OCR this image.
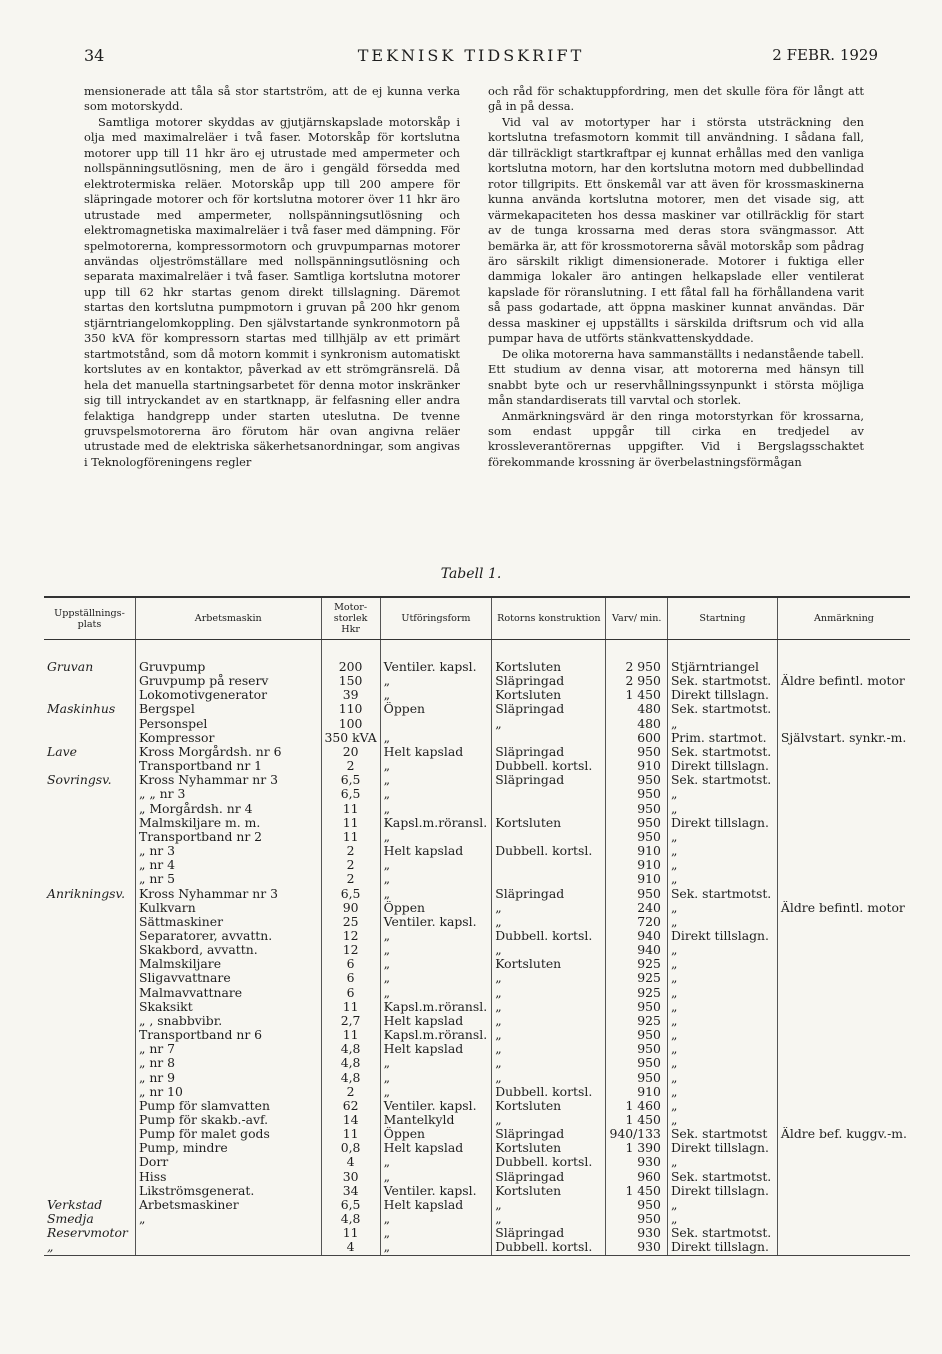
34	TEKNISK TIDSKRIFT	2 FEBR. 1929

mensionerade att tåla så stor startström, att de ej kunna verka som motorskydd.

Samtliga motorer skyddas av gjutjärnskapslade motorskåp i olja med maximalreläer i två faser. Motorskåp för kortslutna motorer upp till 11 hkr äro ej utrustade med ampermeter och nollspänningsutlösning, men de äro i gengäld försedda med elektrotermiska reläer. Motorskåp upp till 200 ampere för släpringade motorer och för kortslutna motorer över 11 hkr äro utrustade med ampermeter, nollspänningsutlösning och elektromagnetiska maximalreläer i två faser med dämpning. För spelmotorerna, kompressormotorn och gruvpumparnas motorer användas oljeströmställare med nollspänningsutlösning och separata maximalreläer i två faser. Samtliga kortslutna motorer upp till 62 hkr startas genom direkt tillslagning. Däremot startas den kortslutna pumpmotorn i gruvan på 200 hkr genom stjärntriangelomkoppling. Den självstartande synkronmotorn på 350 kVA för kompressorn startas med tillhjälp av ett primärt startmotstånd, som då motorn kommit i synkronism automatiskt kortslutes av en kontaktor, påverkad av ett strömgränsrelä. Då hela det manuella startningsarbetet för denna motor inskränker sig till intryckandet av en startknapp, är felfasning eller andra felaktiga handgrepp under starten uteslutna. De tvenne gruvspelsmotorerna äro förutom här ovan angivna reläer utrustade med de elektriska säkerhetsanordningar, som angivas i Teknologföreningens regler

och råd för schaktuppfordring, men det skulle föra för långt att gå in på dessa.

Vid val av motortyper har i största utsträckning den kortslutna trefasmotorn kommit till användning. I sådana fall, där tillräckligt startkraftpar ej kunnat erhållas med den vanliga kortslutna motorn, har den kortslutna motorn med dubbellindad rotor tillgripits. Ett önskemål var att även för krossmaskinerna kunna använda kortslutna motorer, men det visade sig, att värmekapaciteten hos dessa maskiner var otillräcklig för start av de tunga krossarna med deras stora svängmassor. Att bemärka är, att för krossmotorerna såväl motorskåp som pådrag äro särskilt rikligt dimensionerade. Motorer i fuktiga eller dammiga lokaler äro antingen helkapslade eller ventilerat kapslade för röranslutning. I ett fåtal fall ha förhållandena varit så pass godartade, att öppna maskiner kunnat användas. Där dessa maskiner ej uppställts i särskilda driftsrum och vid alla pumpar hava de utförts stänkvattenskyddade.

De olika motorerna hava sammanställts i nedanstående tabell. Ett studium av denna visar, att motorerna med hänsyn till snabbt byte och ur reservhållningssynpunkt i största möjliga mån standardiserats till varvtal och storlek.

Anmärkningsvärd är den ringa motorstyrkan för krossarna, som endast uppgår till cirka en tredjedel av krossleverantörernas uppgifter. Vid i Bergslagsschaktet förekommande krossning är överbelastningsförmågan

Tabell 1.
Uppställnings-plats	Arbetsmaskin	Motor-storlek Hkr	Utföringsform	Rotorns konstruktion	Varv/ min.	Startning	Anmärkning

Gruvan	Gruvpump	200	Ventiler. kapsl.	Kortsluten	2 950	Stjärntriangel	
	Gruvpump på reserv	150	„	Släpringad	2 950	Sek. startmotst.	Äldre befintl. motor
	Lokomotivgenerator	39	„	Kortsluten	1 450	Direkt tillslagn.	
Maskinhus	Bergspel	110	Öppen	Släpringad	480	Sek. startmotst.	
	Personspel	100		„	480	„	
	Kompressor	350 kVA	„		600	Prim. startmot.	Självstart. synkr.-m.
Lave	Kross Morgårdsh. nr 6	20	Helt kapslad	Släpringad	950	Sek. startmotst.	
	Transportband nr 1	2	„	Dubbell. kortsl.	910	Direkt tillslagn.	
Sovringsv.	Kross Nyhammar nr 3	6,5	„	Släpringad	950	Sek. startmotst.	
	„ „ nr 3	6,5	„		950	„	
	„ Morgårdsh. nr 4	11	„		950	„	
	Malmskiljare m. m.	11	Kapsl.m.röransl.	Kortsluten	950	Direkt tillslagn.	
	Transportband nr 2	11	„		950	„	
	„ nr 3	2	Helt kapslad	Dubbell. kortsl.	910	„	
	„ nr 4	2	„		910	„	
	„ nr 5	2	„		910	„	
Anrikningsv.	Kross Nyhammar nr 3	6,5	„	Släpringad	950	Sek. startmotst.	
	Kulkvarn	90	Öppen	„	240	„	Äldre befintl. motor
	Sättmaskiner	25	Ventiler. kapsl.	„	720	„	
	Separatorer, avvattn.	12	„	Dubbell. kortsl.	940	Direkt tillslagn.	
	Skakbord, avvattn.	12	„	„	940	„	
	Malmskiljare	6	„	Kortsluten	925	„	
	Sligavvattnare	6	„	„	925	„	
	Malmavvattnare	6	„	„	925	„	
	Skaksikt	11	Kapsl.m.röransl.	„	950	„	
	„ , snabbvibr.	2,7	Helt kapslad	„	925	„	
	Transportband nr 6	11	Kapsl.m.röransl.	„	950	„	
	„ nr 7	4,8	Helt kapslad	„	950	„	
	„ nr 8	4,8	„	„	950	„	
	„ nr 9	4,8	„	„	950	„	
	„ nr 10	2	„	Dubbell. kortsl.	910	„	
	Pump för slamvatten	62	Ventiler. kapsl.	Kortsluten	1 460	„	
	Pump för skakb.-avf.	14	Mantelkyld	„	1 450	„	
	Pump för malet gods	11	Öppen	Släpringad	940/133	Sek. startmotst	Äldre bef. kuggv.-m.
	Pump, mindre	0,8	Helt kapslad	Kortsluten	1 390	Direkt tillslagn.	
	Dorr	4	„	Dubbell. kortsl.	930	„	
	Hiss	30	„	Släpringad	960	Sek. startmotst.	
	Likströmsgenerat.	34	Ventiler. kapsl.	Kortsluten	1 450	Direkt tillslagn.	
Verkstad	Arbetsmaskiner	6,5	Helt kapslad	„	950	„	
Smedja	„	4,8	„	„	950	„	
Reservmotor		11	„	Släpringad	930	Sek. startmotst.	
„		4	„	Dubbell. kortsl.	930	Direkt tillslagn.	
